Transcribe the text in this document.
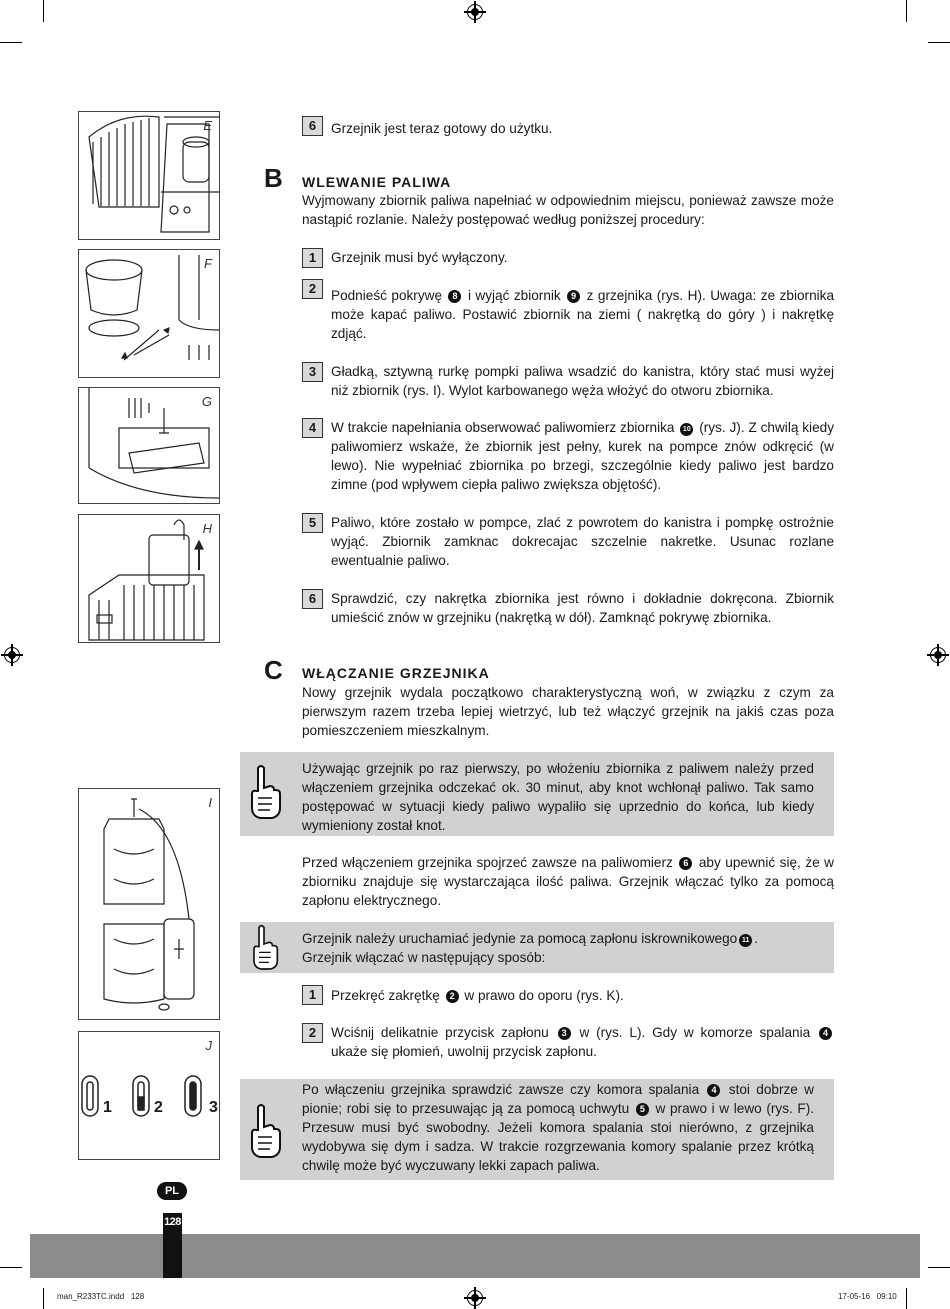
E
F
G
H
I
1	2	3
J
6	Grzejnik jest teraz gotowy do użytku.
B WLEWANIE PALIWA
Wyjmowany zbiornik paliwa napełniać w odpowiednim miejscu, ponieważ zawsze może nastąpić rozlanie. Należy postępować według poniższej procedury:
1	Grzejnik musi być wyłączony.
2	Podnieść pokrywę 8 i wyjąć zbiornik 9 z grzejnika (rys. H). Uwaga: ze zbiornika może kapać paliwo. Postawić zbiornik na ziemi ( nakrętką do góry ) i nakrętkę zdjąć.
3	Gładką, sztywną rurkę pompki paliwa wsadzić do kanistra, który stać musi wyżej niż zbiornik (rys. I). Wylot karbowanego węża włożyć do otworu zbiornika.
4	W trakcie napełniania obserwować paliwomierz zbiornika 10 (rys. J). Z chwilą kiedy paliwomierz wskaże, że zbiornik jest pełny, kurek na pompce znów odkręcić (w lewo). Nie wypełniać zbiornika po brzegi, szczególnie kiedy paliwo jest bardzo zimne (pod wpływem ciepła paliwo zwiększa objętość).
5	Paliwo, które zostało w pompce, zlać z powrotem do kanistra i pompkę ostrożnie wyjąć. Zbiornik zamknac dokrecajac szczelnie nakretke. Usunac rozlane ewentualnie paliwo.
6	Sprawdzić, czy nakrętka zbiornika jest równo i dokładnie dokręcona. Zbiornik umieścić znów w grzejniku (nakrętką w dół). Zamknąć pokrywę zbiornika.
C WŁĄCZANIE GRZEJNIKA
Nowy grzejnik wydala początkowo charakterystyczną woń, w związku z czym za pierwszym razem trzeba lepiej wietrzyć, lub też włączyć grzejnik na jakiś czas poza pomieszczeniem mieszkalnym.
Używając grzejnik po raz pierwszy, po włożeniu zbiornika z paliwem należy przed włączeniem grzejnika odczekać ok. 30 minut, aby knot wchłonął paliwo. Tak samo postępować w sytuacji kiedy paliwo wypaliło się uprzednio do końca, lub kiedy wymieniony został knot.
Przed włączeniem grzejnika spojrzeć zawsze na paliwomierz 6 aby upewnić się, że w zbiorniku znajduje się wystarczająca ilość paliwa. Grzejnik włączać tylko za pomocą zapłonu elektrycznego.
Grzejnik należy uruchamiać jedynie za pomocą zapłonu iskrownikowego 11 .
Grzejnik włączać w następujący sposób:
1	Przekręć zakrętkę 2 w prawo do oporu (rys. K).
2	Wciśnij delikatnie przycisk zapłonu 3 w (rys. L). Gdy w komorze spalania 4 ukaże się płomień, uwolnij przycisk zapłonu.
Po włączeniu grzejnika sprawdzić zawsze czy komora spalania 4 stoi dobrze w pionie; robi się to przesuwając ją za pomocą uchwytu 5 w prawo i w lewo (rys. F). Przesuw musi być swobodny. Jeżeli komora spalania stoi nierówno, z grzejnika wydobywa się dym i sadza. W trakcie rozgrzewania komory spalanie przez krótką chwilę może być wyczuwany lekki zapach paliwa.
PL
128
man_R233TC.indd   128	17-05-16   09:10
